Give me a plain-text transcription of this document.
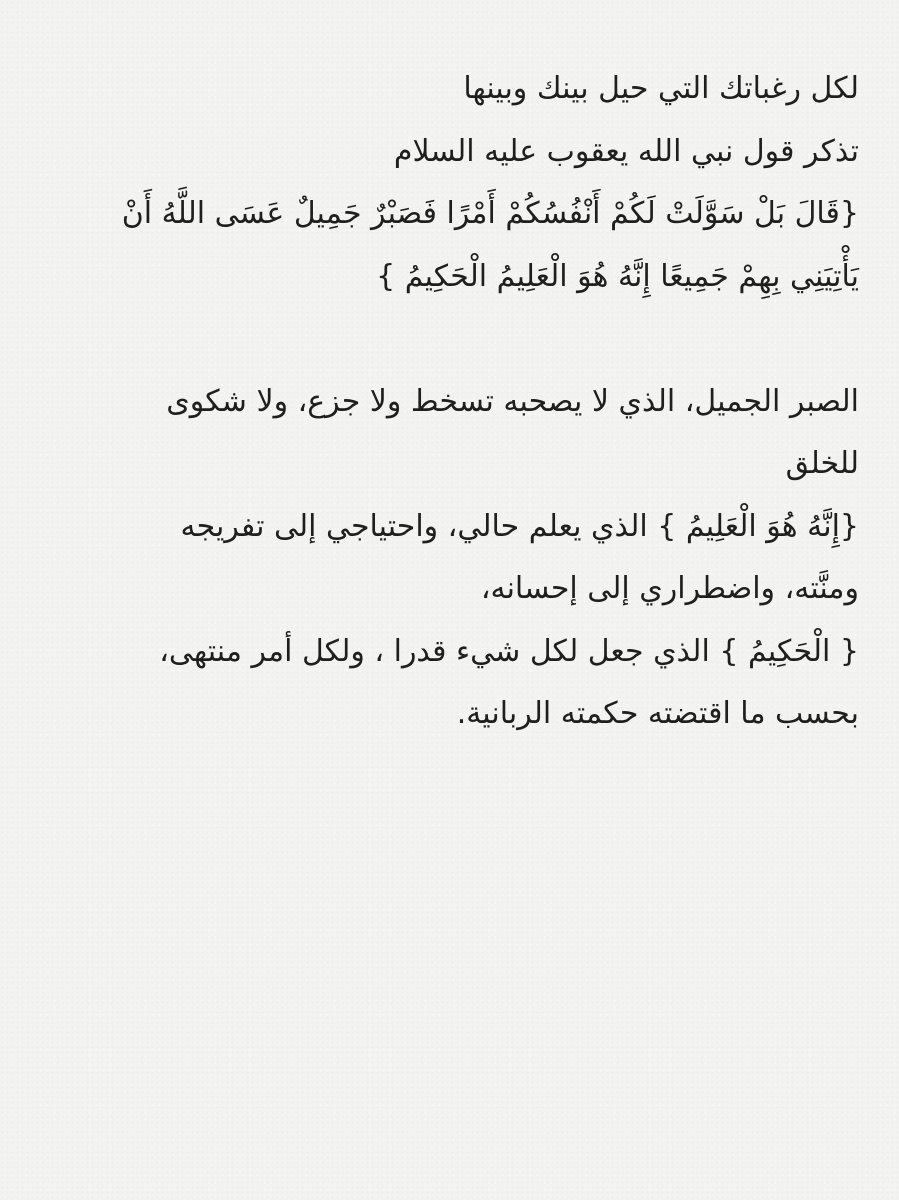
لكل رغباتك التي حيل بينك وبينها
تذكر قول نبي الله يعقوب عليه السلام
{قَالَ بَلْ سَوَّلَتْ لَكُمْ أَنْفُسُكُمْ أَمْرًا فَصَبْرٌ جَمِيلٌ عَسَى اللَّهُ أَنْ
يَأْتِيَنِي بِهِمْ جَمِيعًا إِنَّهُ هُوَ الْعَلِيمُ الْحَكِيمُ }
الصبر الجميل، الذي لا يصحبه تسخط ولا جزع، ولا شكوى
للخلق
{إِنَّهُ هُوَ الْعَلِيمُ } الذي يعلم حالي، واحتياجي إلى تفريجه
ومنَّته، واضطراري إلى إحسانه،
{ الْحَكِيمُ } الذي جعل لكل شيء قدرا ، ولكل أمر منتهى،
بحسب ما اقتضته حكمته الربانية.
